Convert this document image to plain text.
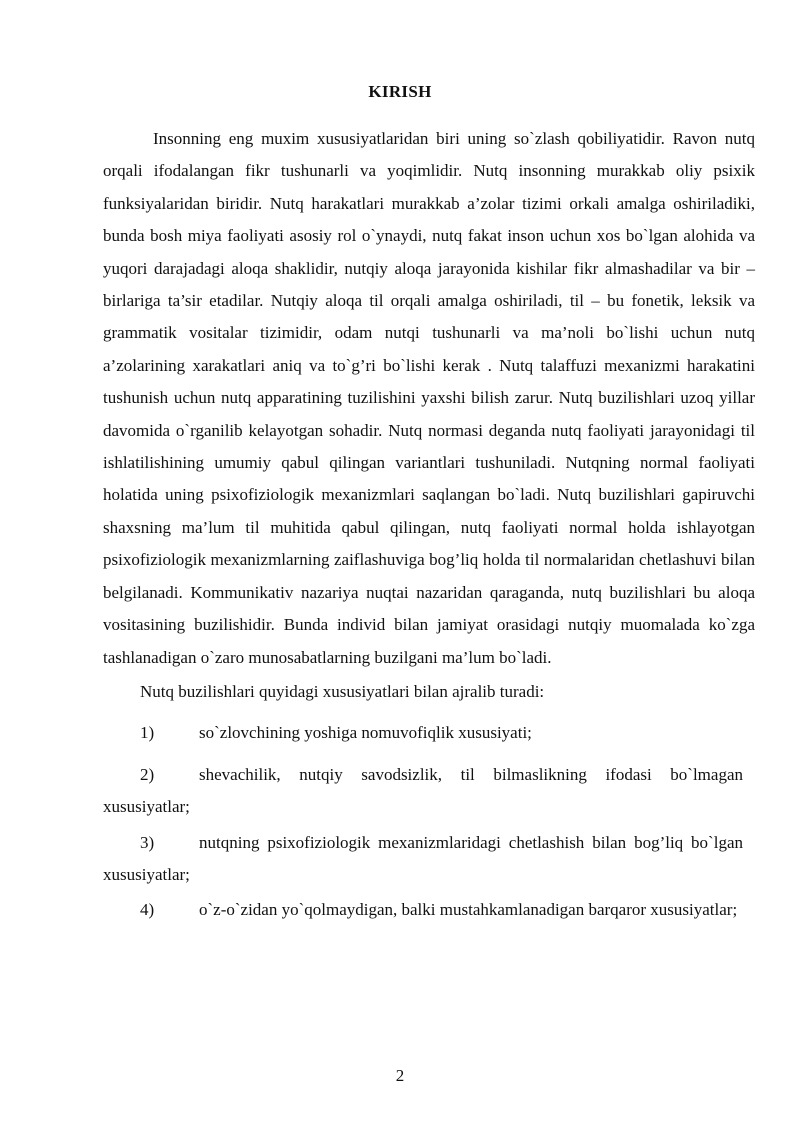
KIRISH

Insonning eng muxim xususiyatlaridan biri uning so`zlash qobiliyatidir. Ravon nutq orqali ifodalangan fikr tushunarli va yoqimlidir. Nutq insonning murakkab oliy psixik funksiyalaridan biridir. Nutq harakatlari murakkab a’zolar tizimi orkali amalga oshiriladiki, bunda bosh miya faoliyati asosiy rol o`ynaydi, nutq fakat inson uchun xos bo`lgan alohida va yuqori darajadagi aloqa shaklidir, nutqiy aloqa jarayonida kishilar fikr almashadilar va bir – birlariga ta’sir etadilar. Nutqiy aloqa til orqali amalga oshiriladi, til – bu fonetik, leksik va grammatik vositalar tizimidir, odam nutqi tushunarli va ma’noli bo`lishi uchun nutq a’zolarining xarakatlari aniq va to`g’ri bo`lishi kerak . Nutq talaffuzi mexanizmi harakatini tushunish uchun nutq apparatining tuzilishini yaxshi bilish zarur. Nutq buzilishlari uzoq yillar davomida o`rganilib kelayotgan sohadir. Nutq normasi deganda nutq faoliyati jarayonidagi til ishlatilishining umumiy qabul qilingan variantlari tushuniladi. Nutqning normal faoliyati holatida uning psixofiziologik mexanizmlari saqlangan bo`ladi. Nutq buzilishlari gapiruvchi shaxsning ma’lum til muhitida qabul qilingan, nutq faoliyati normal holda ishlayotgan psixofiziologik mexanizmlarning zaiflashuviga bog’liq holda til normalaridan chetlashuvi bilan belgilanadi. Kommunikativ nazariya nuqtai nazaridan qaraganda, nutq buzilishlari bu aloqa vositasining buzilishidir. Bunda individ bilan jamiyat orasidagi nutqiy muomalada ko`zga tashlanadigan o`zaro munosabatlarning buzilgani ma’lum bo`ladi.

Nutq buzilishlari quyidagi xususiyatlari bilan ajralib turadi:

1)	so`zlovchining yoshiga nomuvofiqlik xususiyati;
2)	shevachilik, nutqiy savodsizlik, til bilmaslikning ifodasi bo`lmagan xususiyatlar;
3)	nutqning psixofiziologik mexanizmlaridagi chetlashish bilan bog’liq bo`lgan xususiyatlar;
4)	o`z-o`zidan yo`qolmaydigan, balki mustahkamlanadigan barqaror xususiyatlar;
2
